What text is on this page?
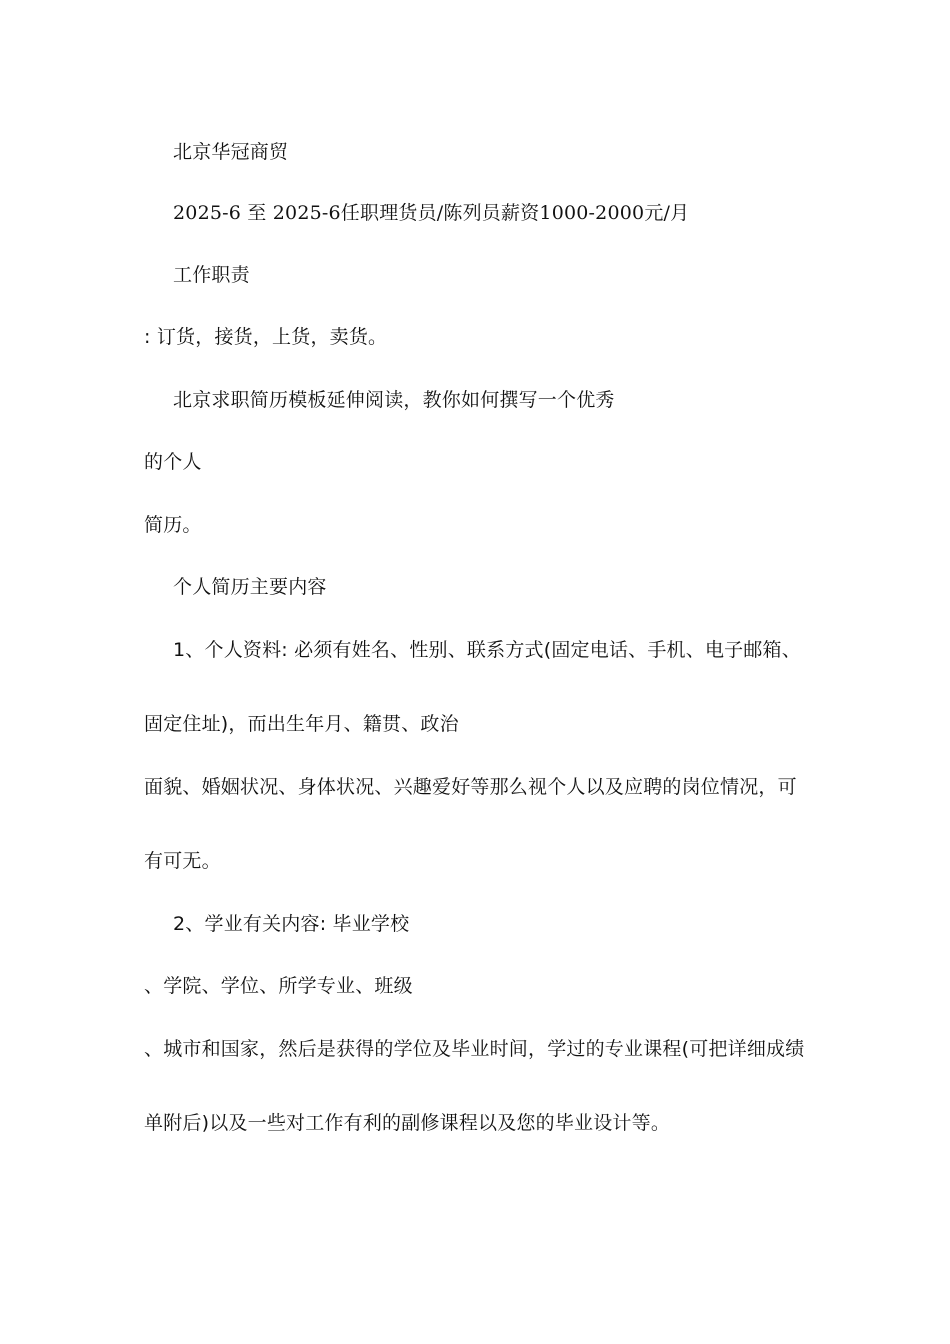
北京华冠商贸
2025-6 至 2025-6任职理货员/陈列员薪资1000-2000元/月
工作职责
: 订货，接货，上货，卖货。
北京求职简历模板延伸阅读，教你如何撰写一个优秀
的个人
简历。
个人简历主要内容
1、个人资料: 必须有姓名、性别、联系方式(固定电话、手机、电子邮箱、
固定住址)，而出生年月、籍贯、政治
面貌、婚姻状况、身体状况、兴趣爱好等那么视个人以及应聘的岗位情况，可
有可无。
2、学业有关内容: 毕业学校
、学院、学位、所学专业、班级
、城市和国家，然后是获得的学位及毕业时间，学过的专业课程(可把详细成绩
单附后)以及一些对工作有利的副修课程以及您的毕业设计等。
